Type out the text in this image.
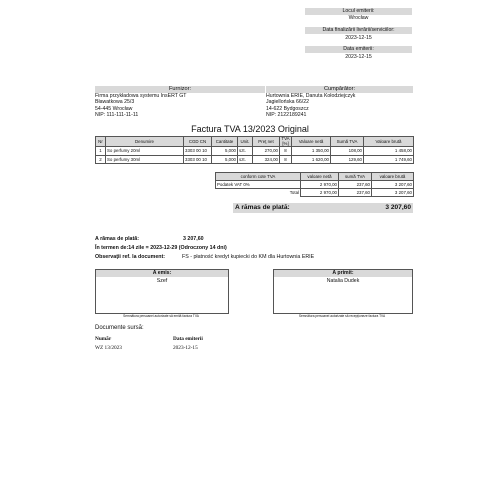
Locul emiterii:
Wrocław
Data finalizării livrării/serviciilor:
2023-12-15
Data emiterii:
2023-12-15
Furnizor:
Firma przykładowa systemu InsERT GT
Bławatkowa 25/3
54-445 Wrocław
NIP: 111-111-11-11
Cumpărător:
Hurtownia ERIE, Danuta Kołodziejczyk
Jagiellońska 66/22
14-622 Bydgoszcz
NIP: 2122189241
Factura TVA 13/2023 Original
Nr	Denumire	CGD CN	Cantitate	Unit.	Preţ net	TVA [%]	Valoare netă	Sumă TVA	Valoare brută
1	So perfumy 20ml	3303 00 10	5,000	szt.	270,00	8	1 350,00	108,00	1 458,00
2	So perfumy 30ml	3303 00 10	5,000	szt.	324,00	8	1 620,00	129,60	1 749,60
conform cote TVA	valoare netă	sumă TVA	valoare brută
Podatek VAT 0%	2 970,00	237,60	3 207,60
Total	2 970,00	237,60	3 207,60
A rămas de plată:	3 207,60
A rămas de plată:	3 207,60
În termen de:14 zile = 2023-12-29 (Odroczony 14 dni)
Observaţii ref. la document:	FS - płatność kredyt kupiecki do KM dla Hurtownia ERIE
A emis:
Szef
Semnătura persoanei autorizate să emită factura TVA
A primit:
Natalia Dudek
Semnătura persoanei autorizate să recepţioneze factura TVA
Documente sursă:
Numār	Data emiterii
WZ 13/2023	2023-12-15
